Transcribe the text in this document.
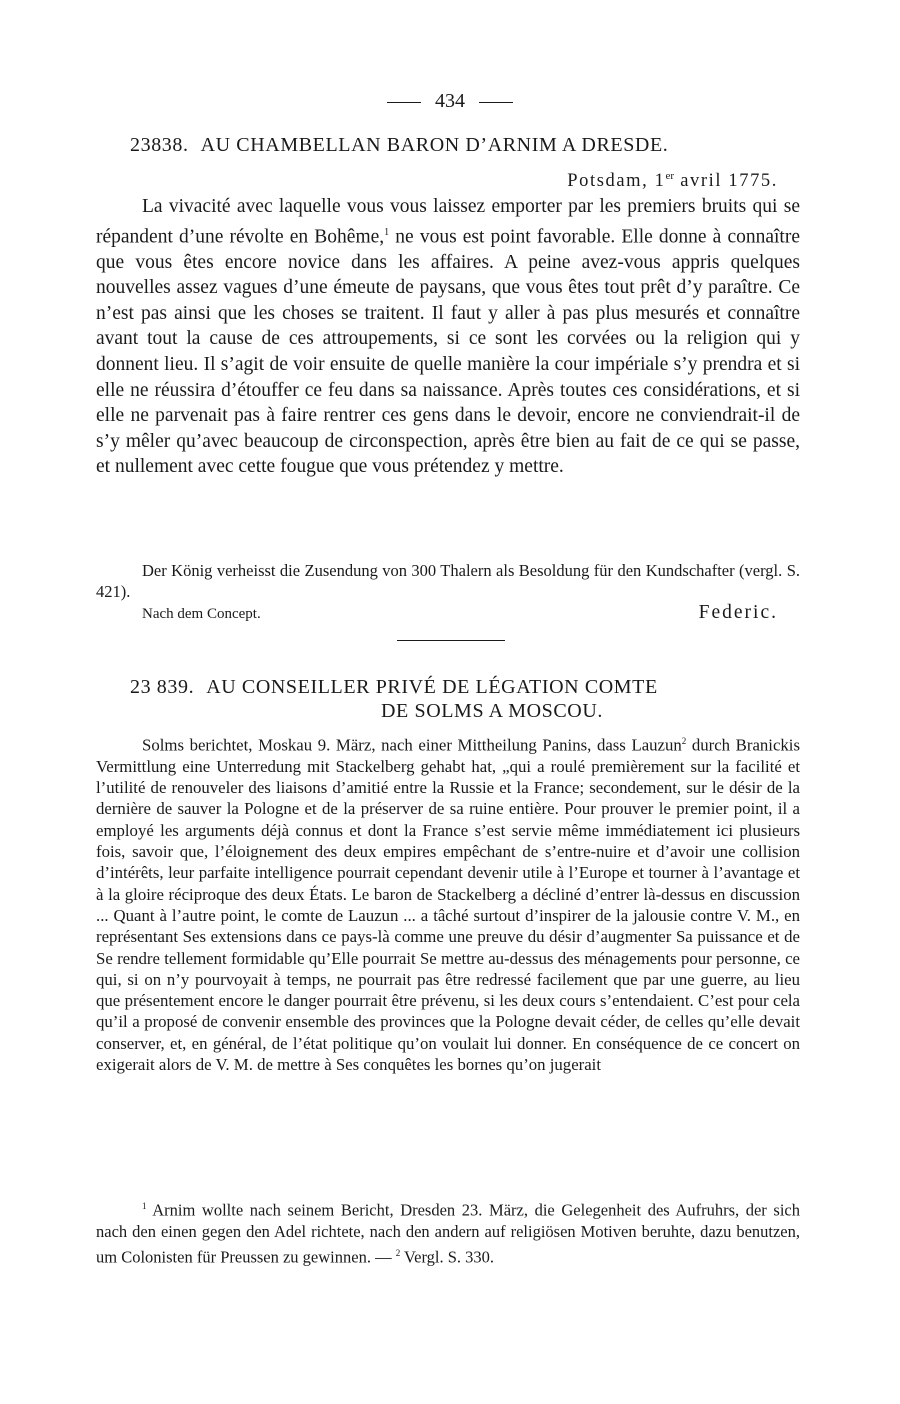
434
23838. AU CHAMBELLAN BARON D’ARNIM A DRESDE.
Potsdam, 1er avril 1775.

La vivacité avec laquelle vous vous laissez emporter par les premiers bruits qui se répandent d’une révolte en Bohême,$^1$ ne vous est point favorable. Elle donne à connaître que vous êtes encore novice dans les affaires. A peine avez-vous appris quelques nouvelles assez vagues d’une émeute de paysans, que vous êtes tout prêt d’y paraître. Ce n’est pas ainsi que les choses se traitent. Il faut y aller à pas plus mesurés et connaître avant tout la cause de ces attroupements, si ce sont les corvées ou la religion qui y donnent lieu. Il s’agit de voir ensuite de quelle manière la cour impériale s’y prendra et si elle ne réussira d’étouffer ce feu dans sa naissance. Après toutes ces considérations, et si elle ne parvenait pas à faire rentrer ces gens dans le devoir, encore ne conviendrait-il de s’y mêler qu’avec beaucoup de circonspection, après être bien au fait de ce qui se passe, et nullement avec cette fougue que vous prétendez y mettre.

Der König verheisst die Zusendung von 300 Thalern als Besoldung für den Kundschafter (vergl. S. 421).

Nach dem Concept.	Federic.
23 839. AU CONSEILLER PRIVÉ DE LÉGATION COMTE
DE SOLMS A MOSCOU.

Solms berichtet, Moskau 9. März, nach einer Mittheilung Panins, dass Lauzun$^2$ durch Branickis Vermittlung eine Unterredung mit Stackelberg gehabt hat, „qui a roulé premièrement sur la facilité et l’utilité de renouveler des liaisons d’amitié entre la Russie et la France; secondement, sur le désir de la dernière de sauver la Pologne et de la préserver de sa ruine entière. Pour prouver le premier point, il a employé les arguments déjà connus et dont la France s’est servie même immédiatement ici plusieurs fois, savoir que, l’éloignement des deux empires empêchant de s’entre-nuire et d’avoir une collision d’intérêts, leur parfaite intelligence pourrait cependant devenir utile à l’Europe et tourner à l’avantage et à la gloire réciproque des deux États. Le baron de Stackelberg a décliné d’entrer là-dessus en discussion ... Quant à l’autre point, le comte de Lauzun ... a tâché surtout d’inspirer de la jalousie contre V. M., en représentant Ses extensions dans ce pays-là comme une preuve du désir d’augmenter Sa puissance et de Se rendre tellement formidable qu’Elle pourrait Se mettre au-dessus des ménagements pour personne, ce qui, si on n’y pourvoyait à temps, ne pourrait pas être redressé facilement que par une guerre, au lieu que présentement encore le danger pourrait être prévenu, si les deux cours s’entendaient. C’est pour cela qu’il a proposé de convenir ensemble des provinces que la Pologne devait céder, de celles qu’elle devait conserver, et, en général, de l’état politique qu’on voulait lui donner. En conséquence de ce concert on exigerait alors de V. M. de mettre à Ses conquêtes les bornes qu’on jugerait

$^1$ Arnim wollte nach seinem Bericht, Dresden 23. März, die Gelegenheit des Aufruhrs, der sich nach den einen gegen den Adel richtete, nach den andern auf religiösen Motiven beruhte, dazu benutzen, um Colonisten für Preussen zu gewinnen. — $^2$ Vergl. S. 330.
